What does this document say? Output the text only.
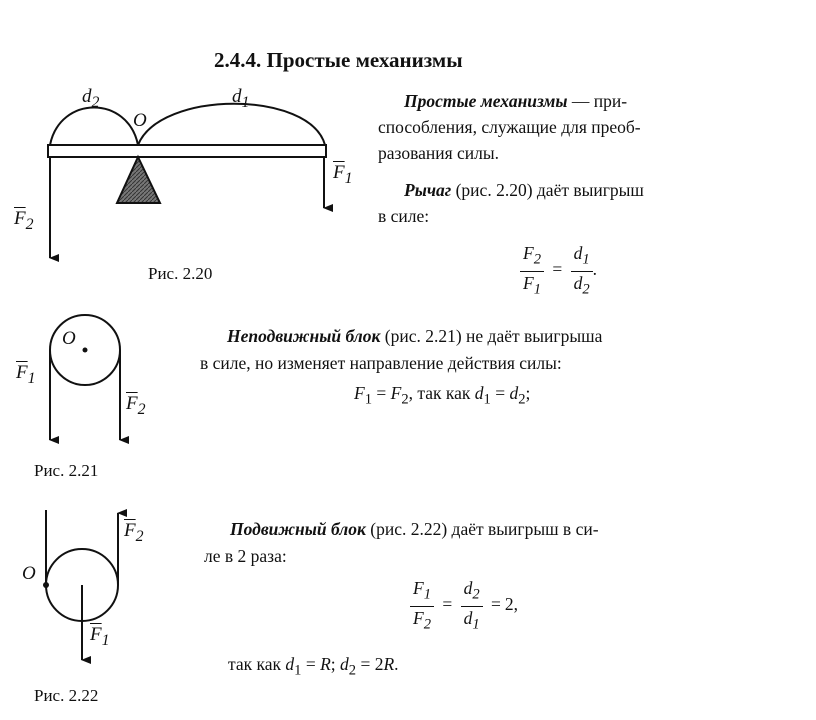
2.4.4. Простые механизмы
Простые механизмы — при-
способления, служащие для преоб-
разования силы.
Рычаг (рис. 2.20) даёт выигрыш
в силе:
$\frac{F_2}{F_1} = \frac{d_1}{d_2}$ .
Неподвижный блок (рис. 2.21) не даёт выигрыша
в силе, но изменяет направление действия силы:
$F_1 = F_2$, так как $d_1 = d_2$;
Подвижный блок (рис. 2.22) даёт выигрыш в си-
ле в 2 раза:
$\frac{F_1}{F_2} = \frac{d_2}{d_1} = 2$,
так как $d_1 = R$; $d_2 = 2R$.
$d_2$	$d_1$
O
$\overline{F}_1$
$\overline{F}_2$
Рис. 2.20
O
$\overline{F}_1$
$\overline{F}_2$
Рис. 2.21
O
$\overline{F}_2$
$\overline{F}_1$
Рис. 2.22
